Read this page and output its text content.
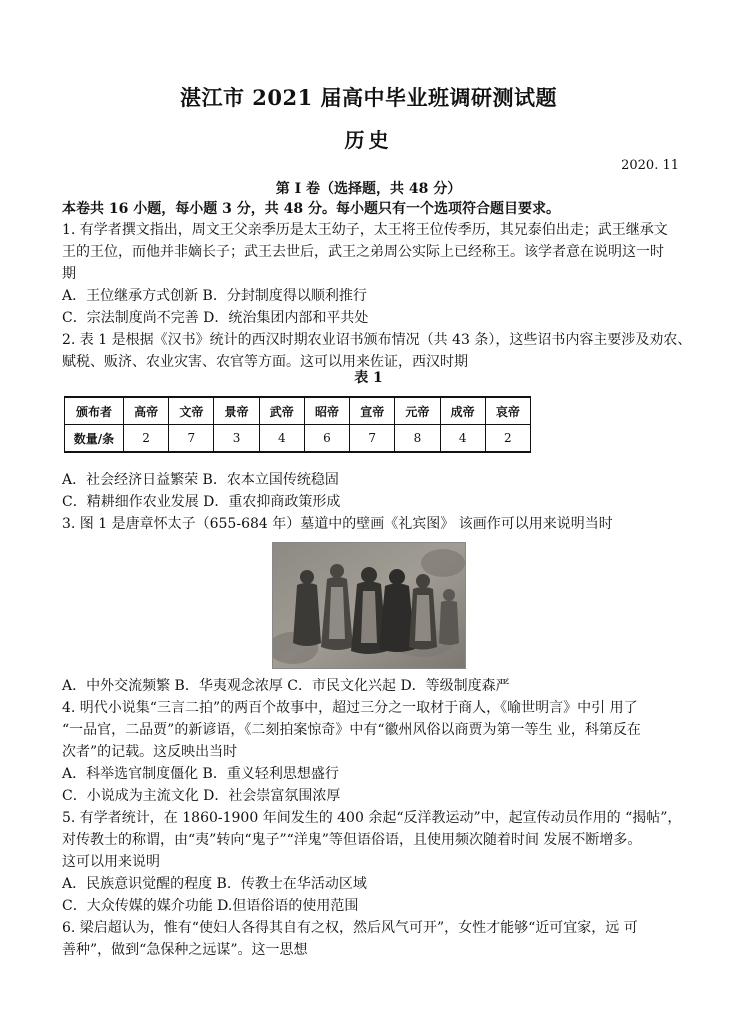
湛江市 2021 届高中毕业班调研测试题
历史
2020. 11
第 I 卷（选择题，共 48 分）
本卷共 16 小题，每小题 3 分，共 48 分。每小题只有一个选项符合题目要求。
1. 有学者撰文指出，周文王父亲季历是太王幼子，太王将王位传季历，其兄泰伯出走；武王继承文
王的王位，而他并非嫡长子；武王去世后，武王之弟周公实际上已经称王。该学者意在说明这一时
期
A．王位继承方式创新 B．分封制度得以顺利推行
C．宗法制度尚不完善 D．统治集团内部和平共处
2. 表 1 是根据《汉书》统计的西汉时期农业诏书颁布情况（共 43 条），这些诏书内容主要涉及劝农、
赋税、贩济、农业灾害、农官等方面。这可以用来佐证，西汉时期
表 1
颁布者	高帝	文帝	景帝	武帝	昭帝	宣帝	元帝	成帝	哀帝
数量/条	2	7	3	4	6	7	8	4	2
A．社会经济日益繁荣 B．农本立国传统稳固
C．精耕细作农业发展 D．重农抑商政策形成
3. 图 1 是唐章怀太子（655-684 年）墓道中的壁画《礼宾图》 该画作可以用来说明当时
A．中外交流频繁 B．华夷观念浓厚 C．市民文化兴起 D．等级制度森严
4. 明代小说集“三言二拍”的两百个故事中，超过三分之一取材于商人，《喻世明言》中引 用了
“一品官，二品贾”的新谚语，《二刻拍案惊奇》中有“徽州风俗以商贾为第一等生 业，科第反在
次者”的记载。这反映出当时
A．科举选官制度僵化 B．重义轻利思想盛行
C．小说成为主流文化 D．社会崇富氛围浓厚
5. 有学者统计，在 1860-1900 年间发生的 400 余起“反洋教运动”中，起宣传动员作用的 “揭帖”，
对传教士的称谓，由“夷”转向“鬼子”“洋鬼”等但语俗语，且使用频次随着时间 发展不断增多。
这可以用来说明
A．民族意识觉醒的程度 B．传教士在华活动区域
C．大众传媒的媒介功能 D.但语俗语的使用范围
6. 梁启超认为，惟有“使妇人各得其自有之权，然后风气可开”，女性才能够“近可宜家，远 可
善种”，做到“急保种之远谋”。这一思想
